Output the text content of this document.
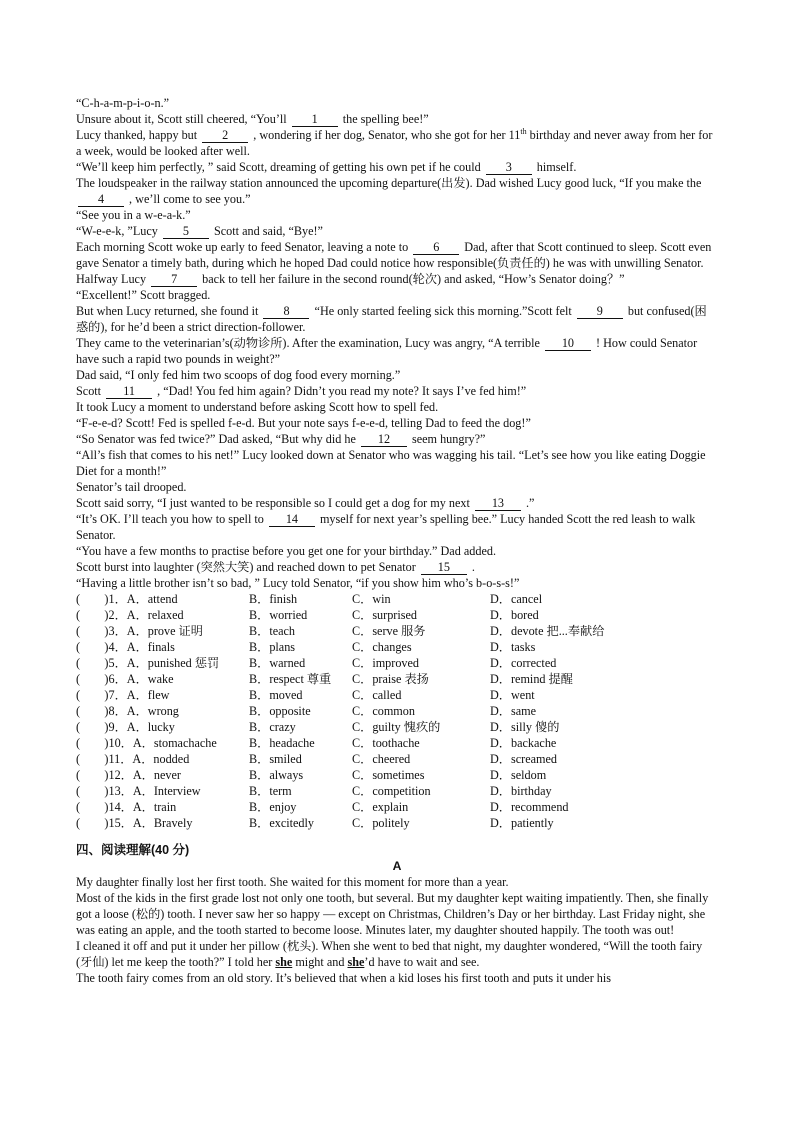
“C-h-a-m-p-i-o-n.”

Unsure about it, Scott still cheered, “You’ll 1 the spelling bee!”

Lucy thanked, happy but 2 , wondering if her dog, Senator, who she got for her 11th birthday and never away from her for a week, would be looked after well.

“We’ll keep him perfectly, ” said Scott, dreaming of getting his own pet if he could 3 himself.

The loudspeaker in the railway station announced the upcoming departure(出发). Dad wished Lucy good luck, “If you make the 4 , we’ll come to see you.”

“See you in a w-e-a-k.”

“W-e-e-k, ”Lucy 5 Scott and said, “Bye!”

Each morning Scott woke up early to feed Senator, leaving a note to 6 Dad, after that Scott continued to sleep. Scott even gave Senator a timely bath, during which he hoped Dad could notice how responsible(负责任的) he was with unwilling Senator.

Halfway Lucy 7 back to tell her failure in the second round(轮次) and asked, “How’s Senator doing？”

“Excellent!” Scott bragged.

But when Lucy returned, she found it 8 “He only started feeling sick this morning.”Scott felt 9 but confused(困惑的), for he’d been a strict direction-follower.

They came to the veterinarian’s(动物诊所). After the examination, Lucy was angry, “A terrible 10 ! How could Senator have such a rapid two pounds in weight?”

Dad said, “I only fed him two scoops of dog food every morning.”

Scott 11 , “Dad! You fed him again? Didn’t you read my note? It says I’ve fed him!”

It took Lucy a moment to understand before asking Scott how to spell fed.

“F-e-e-d? Scott! Fed is spelled f-e-d. But your note says f-e-e-d, telling Dad to feed the dog!”

“So Senator was fed twice?” Dad asked, “But why did he 12 seem hungry?”

“All’s fish that comes to his net!” Lucy looked down at Senator who was wagging his tail. “Let’s see how you like eating Doggie Diet for a month!”

Senator’s tail drooped.

Scott said sorry, “I just wanted to be responsible so I could get a dog for my next 13 .”

“It’s OK. I’ll teach you how to spell to 14 myself for next year’s spelling bee.” Lucy handed Scott the red leash to walk Senator.

“You have a few months to practise before you get one for your birthday.” Dad added.

Scott burst into laughter (突然大笑) and reached down to pet Senator 15 .

“Having a little brother isn’t so bad, ” Lucy told Senator, “if you show him who’s b-o-s-s!”

(　　)1．A．attend	B．finish	C．win	D．cancel
(　　)2．A．relaxed	B．worried	C．surprised	D．bored
(　　)3．A．prove 证明	B．teach	C．serve 服务	D．devote 把...奉献给
(　　)4．A．finals	B．plans	C．changes	D．tasks
(　　)5．A．punished 惩罚	B．warned	C．improved	D．corrected
(　　)6．A．wake	B．respect 尊重	C．praise 表扬	D．remind 提醒
(　　)7．A．flew	B．moved	C．called	D．went
(　　)8．A．wrong	B．opposite	C．common	D．same
(　　)9．A．lucky	B．crazy	C．guilty 愧疚的	D．silly 傻的
(　　)10．A．stomachache	B．headache	C．toothache	D．backache
(　　)11．A．nodded	B．smiled	C．cheered	D．screamed
(　　)12．A．never	B．always	C．sometimes	D．seldom
(　　)13．A．Interview	B．term	C．competition	D．birthday
(　　)14．A．train	B．enjoy	C．explain	D．recommend
(　　)15．A．Bravely	B．excitedly	C．politely	D．patiently
四、阅读理解(40 分)
A

My daughter finally lost her first tooth. She waited for this moment for more than a year.

Most of the kids in the first grade lost not only one tooth, but several. But my daughter kept waiting impatiently. Then, she finally got a loose (松的) tooth. I never saw her so happy — except on Christmas, Children’s Day or her birthday. Last Friday night, she was eating an apple, and the tooth started to become loose. Minutes later, my daughter shouted happily. The tooth was out!

I cleaned it off and put it under her pillow (枕头). When she went to bed that night, my daughter wondered, “Will the tooth fairy (牙仙) let me keep the tooth?” I told her she might and she’d have to wait and see.

The tooth fairy comes from an old story. It’s believed that when a kid loses his first tooth and puts it under his
